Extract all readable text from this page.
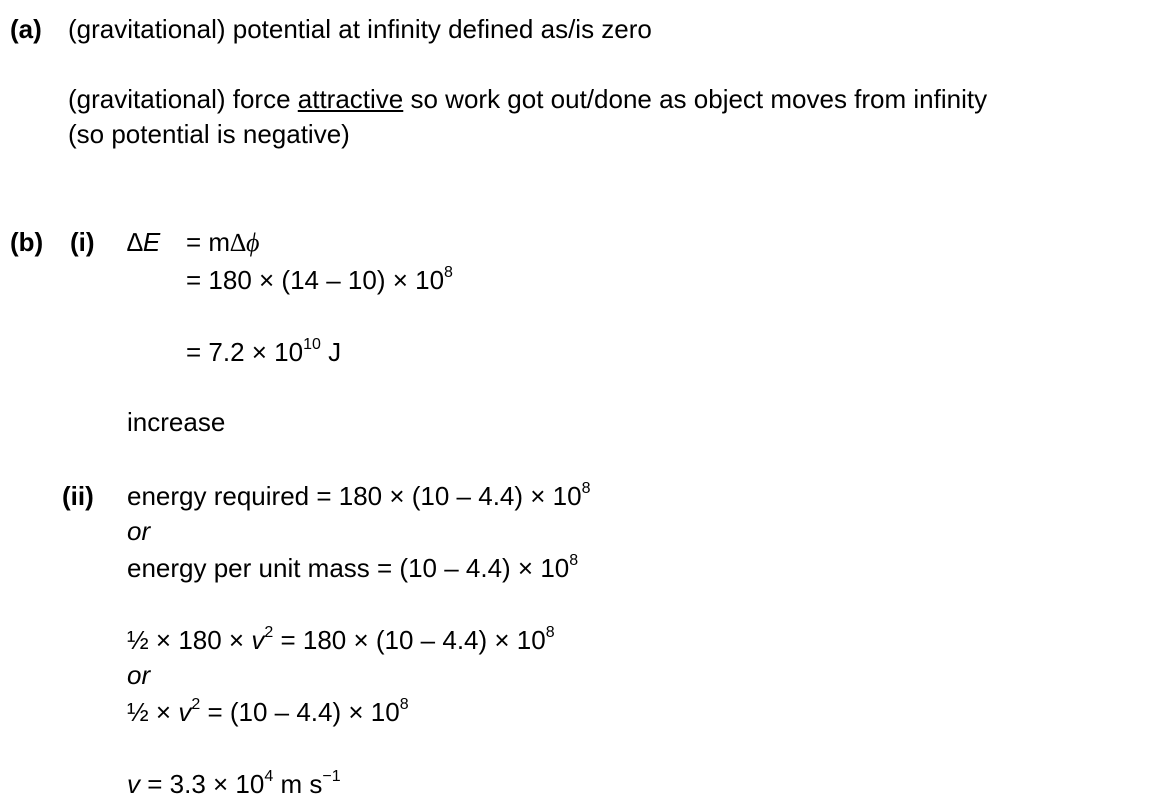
(a) (gravitational) potential at infinity defined as/is zero
(gravitational) force attractive so work got out/done as object moves from infinity
(so potential is negative)
(b) (i) ∆E = m∆ϕ
= $180 \times (14 - 10) \times 10^8$
= $7.2 \times 10^{10}$ J
increase
(ii) energy required = $180 \times (10 - 4.4) \times 10^8$
or
energy per unit mass = $(10 - 4.4) \times 10^8$
½ × $180 \times v^2 = 180 \times (10 - 4.4) \times 10^8$
or
½ × $v^2 = (10 - 4.4) \times 10^8$
$v = 3.3 \times 10^4$ m $s^{-1}$
